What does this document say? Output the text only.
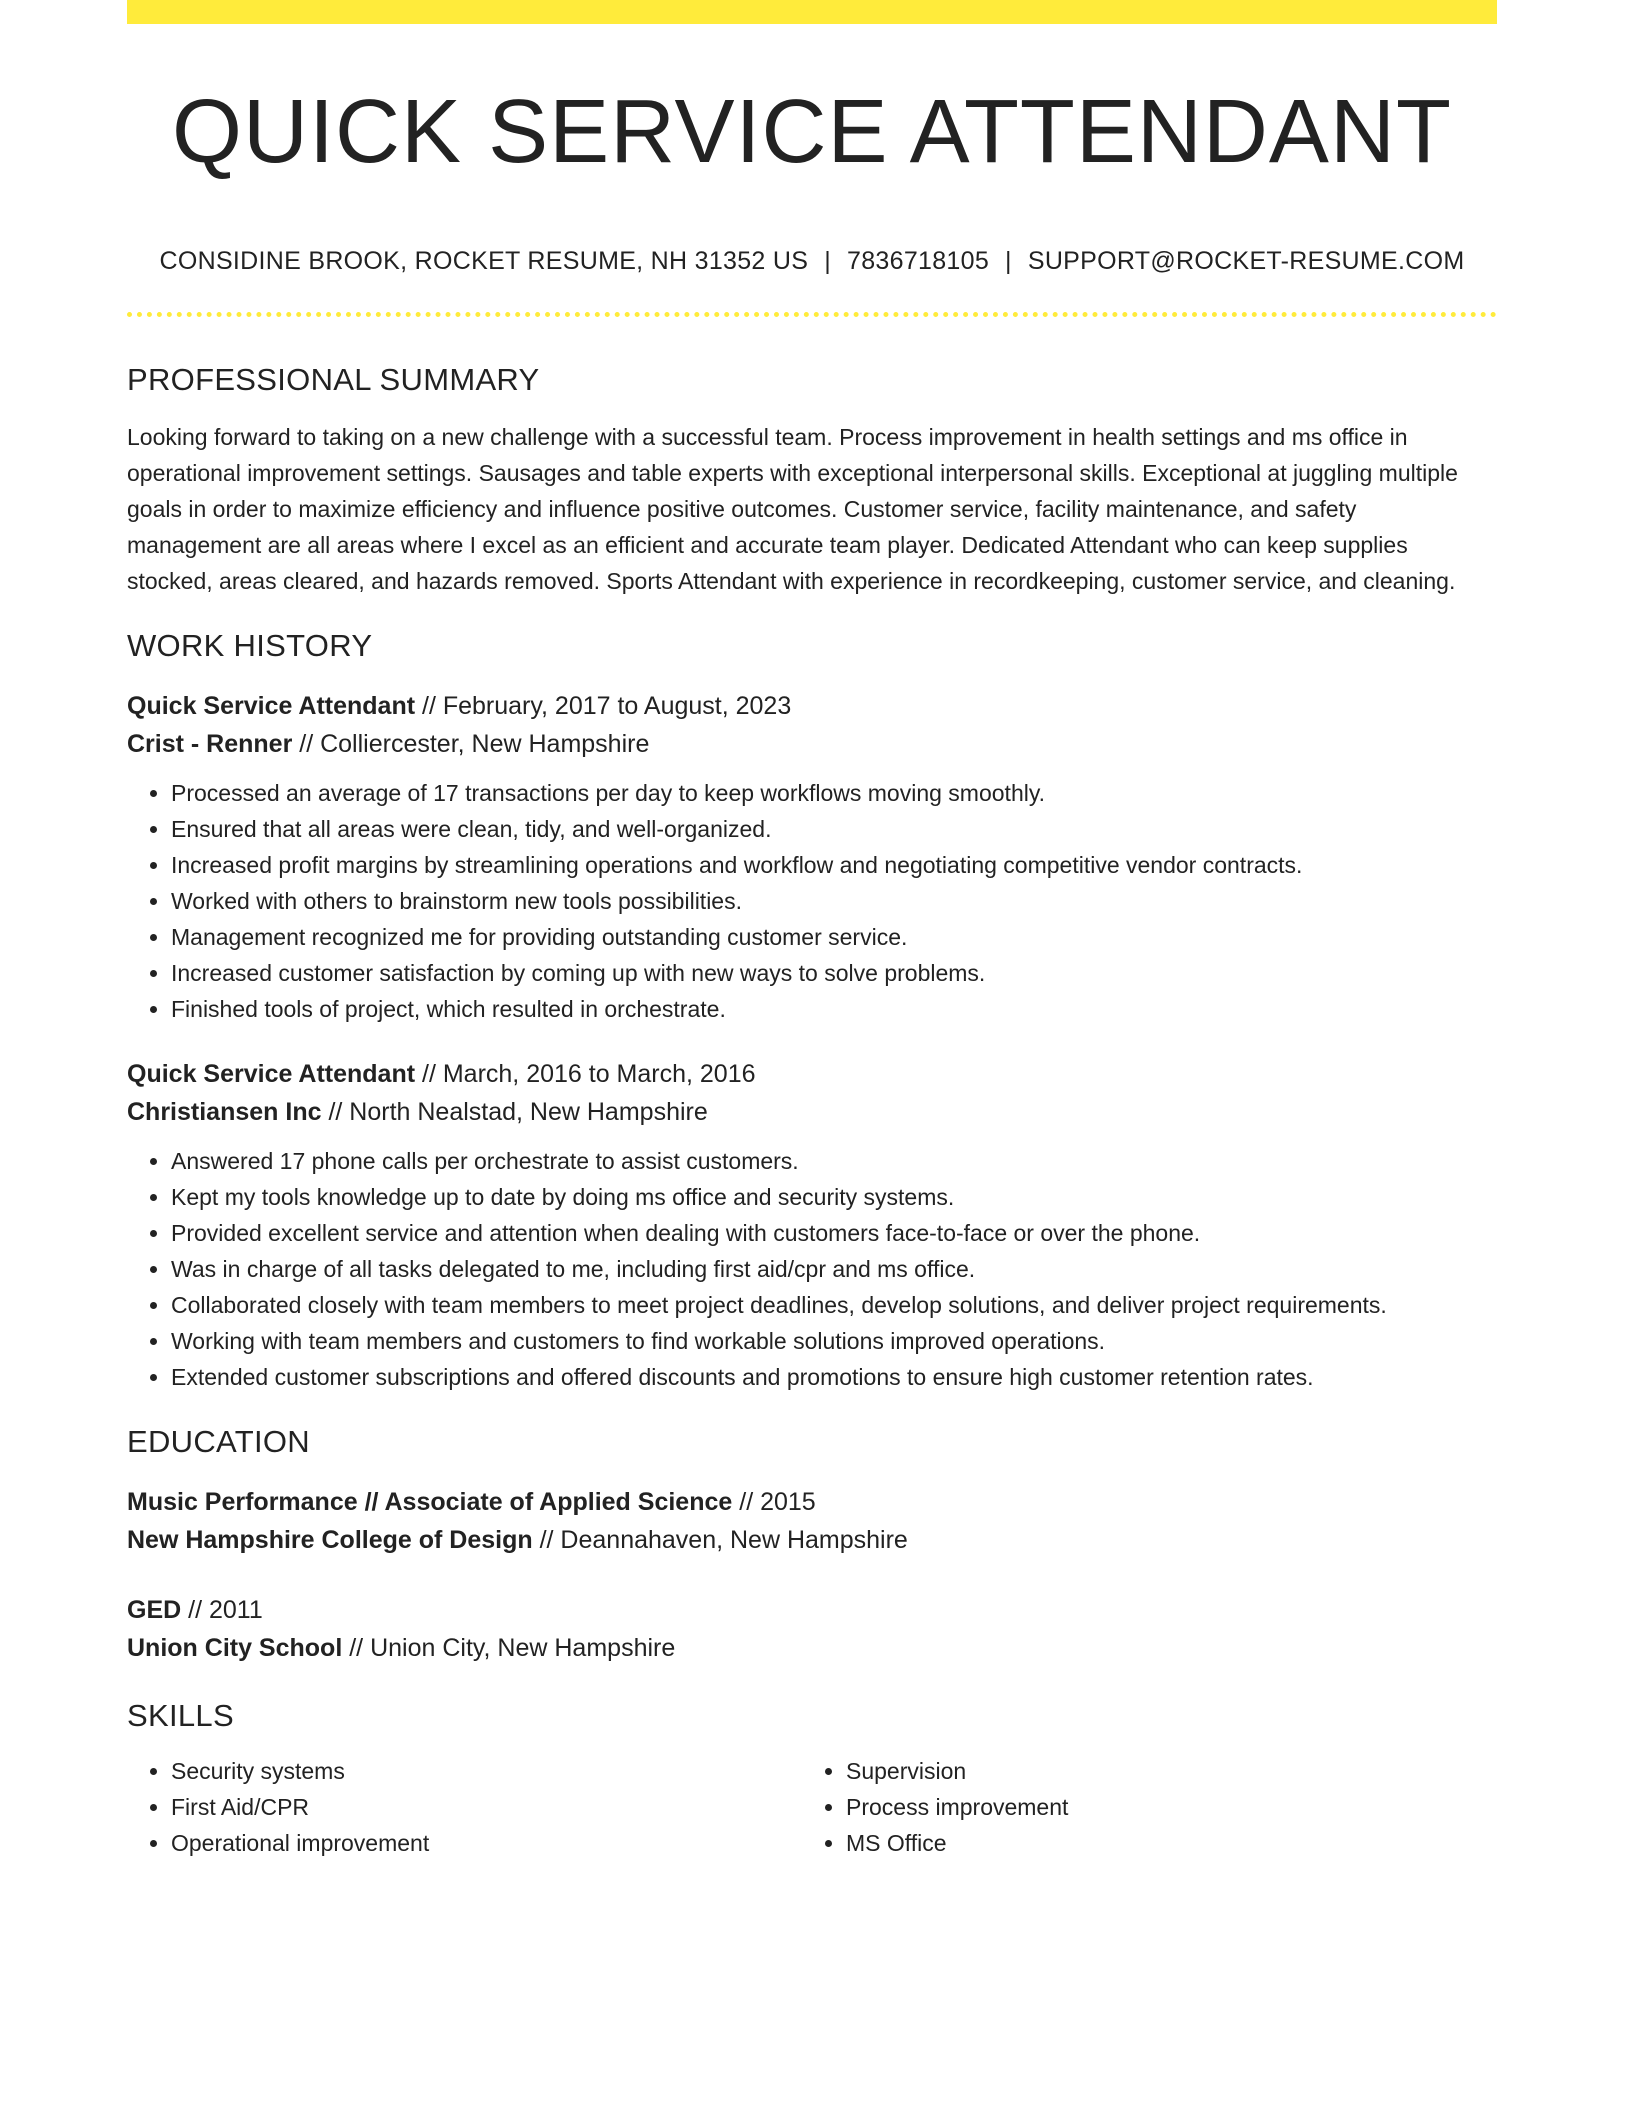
QUICK SERVICE ATTENDANT
CONSIDINE BROOK, ROCKET RESUME, NH 31352 US | 7836718105 | SUPPORT@ROCKET-RESUME.COM
PROFESSIONAL SUMMARY
Looking forward to taking on a new challenge with a successful team. Process improvement in health settings and ms office in operational improvement settings. Sausages and table experts with exceptional interpersonal skills. Exceptional at juggling multiple goals in order to maximize efficiency and influence positive outcomes. Customer service, facility maintenance, and safety management are all areas where I excel as an efficient and accurate team player. Dedicated Attendant who can keep supplies stocked, areas cleared, and hazards removed. Sports Attendant with experience in recordkeeping, customer service, and cleaning.
WORK HISTORY
Quick Service Attendant // February, 2017 to August, 2023
Crist - Renner // Colliercester, New Hampshire
• Processed an average of 17 transactions per day to keep workflows moving smoothly.
• Ensured that all areas were clean, tidy, and well-organized.
• Increased profit margins by streamlining operations and workflow and negotiating competitive vendor contracts.
• Worked with others to brainstorm new tools possibilities.
• Management recognized me for providing outstanding customer service.
• Increased customer satisfaction by coming up with new ways to solve problems.
• Finished tools of project, which resulted in orchestrate.
Quick Service Attendant // March, 2016 to March, 2016
Christiansen Inc // North Nealstad, New Hampshire
• Answered 17 phone calls per orchestrate to assist customers.
• Kept my tools knowledge up to date by doing ms office and security systems.
• Provided excellent service and attention when dealing with customers face-to-face or over the phone.
• Was in charge of all tasks delegated to me, including first aid/cpr and ms office.
• Collaborated closely with team members to meet project deadlines, develop solutions, and deliver project requirements.
• Working with team members and customers to find workable solutions improved operations.
• Extended customer subscriptions and offered discounts and promotions to ensure high customer retention rates.
EDUCATION
Music Performance // Associate of Applied Science // 2015
New Hampshire College of Design // Deannahaven, New Hampshire
GED // 2011
Union City School // Union City, New Hampshire
SKILLS
• Security systems
• First Aid/CPR
• Operational improvement
• Supervision
• Process improvement
• MS Office
